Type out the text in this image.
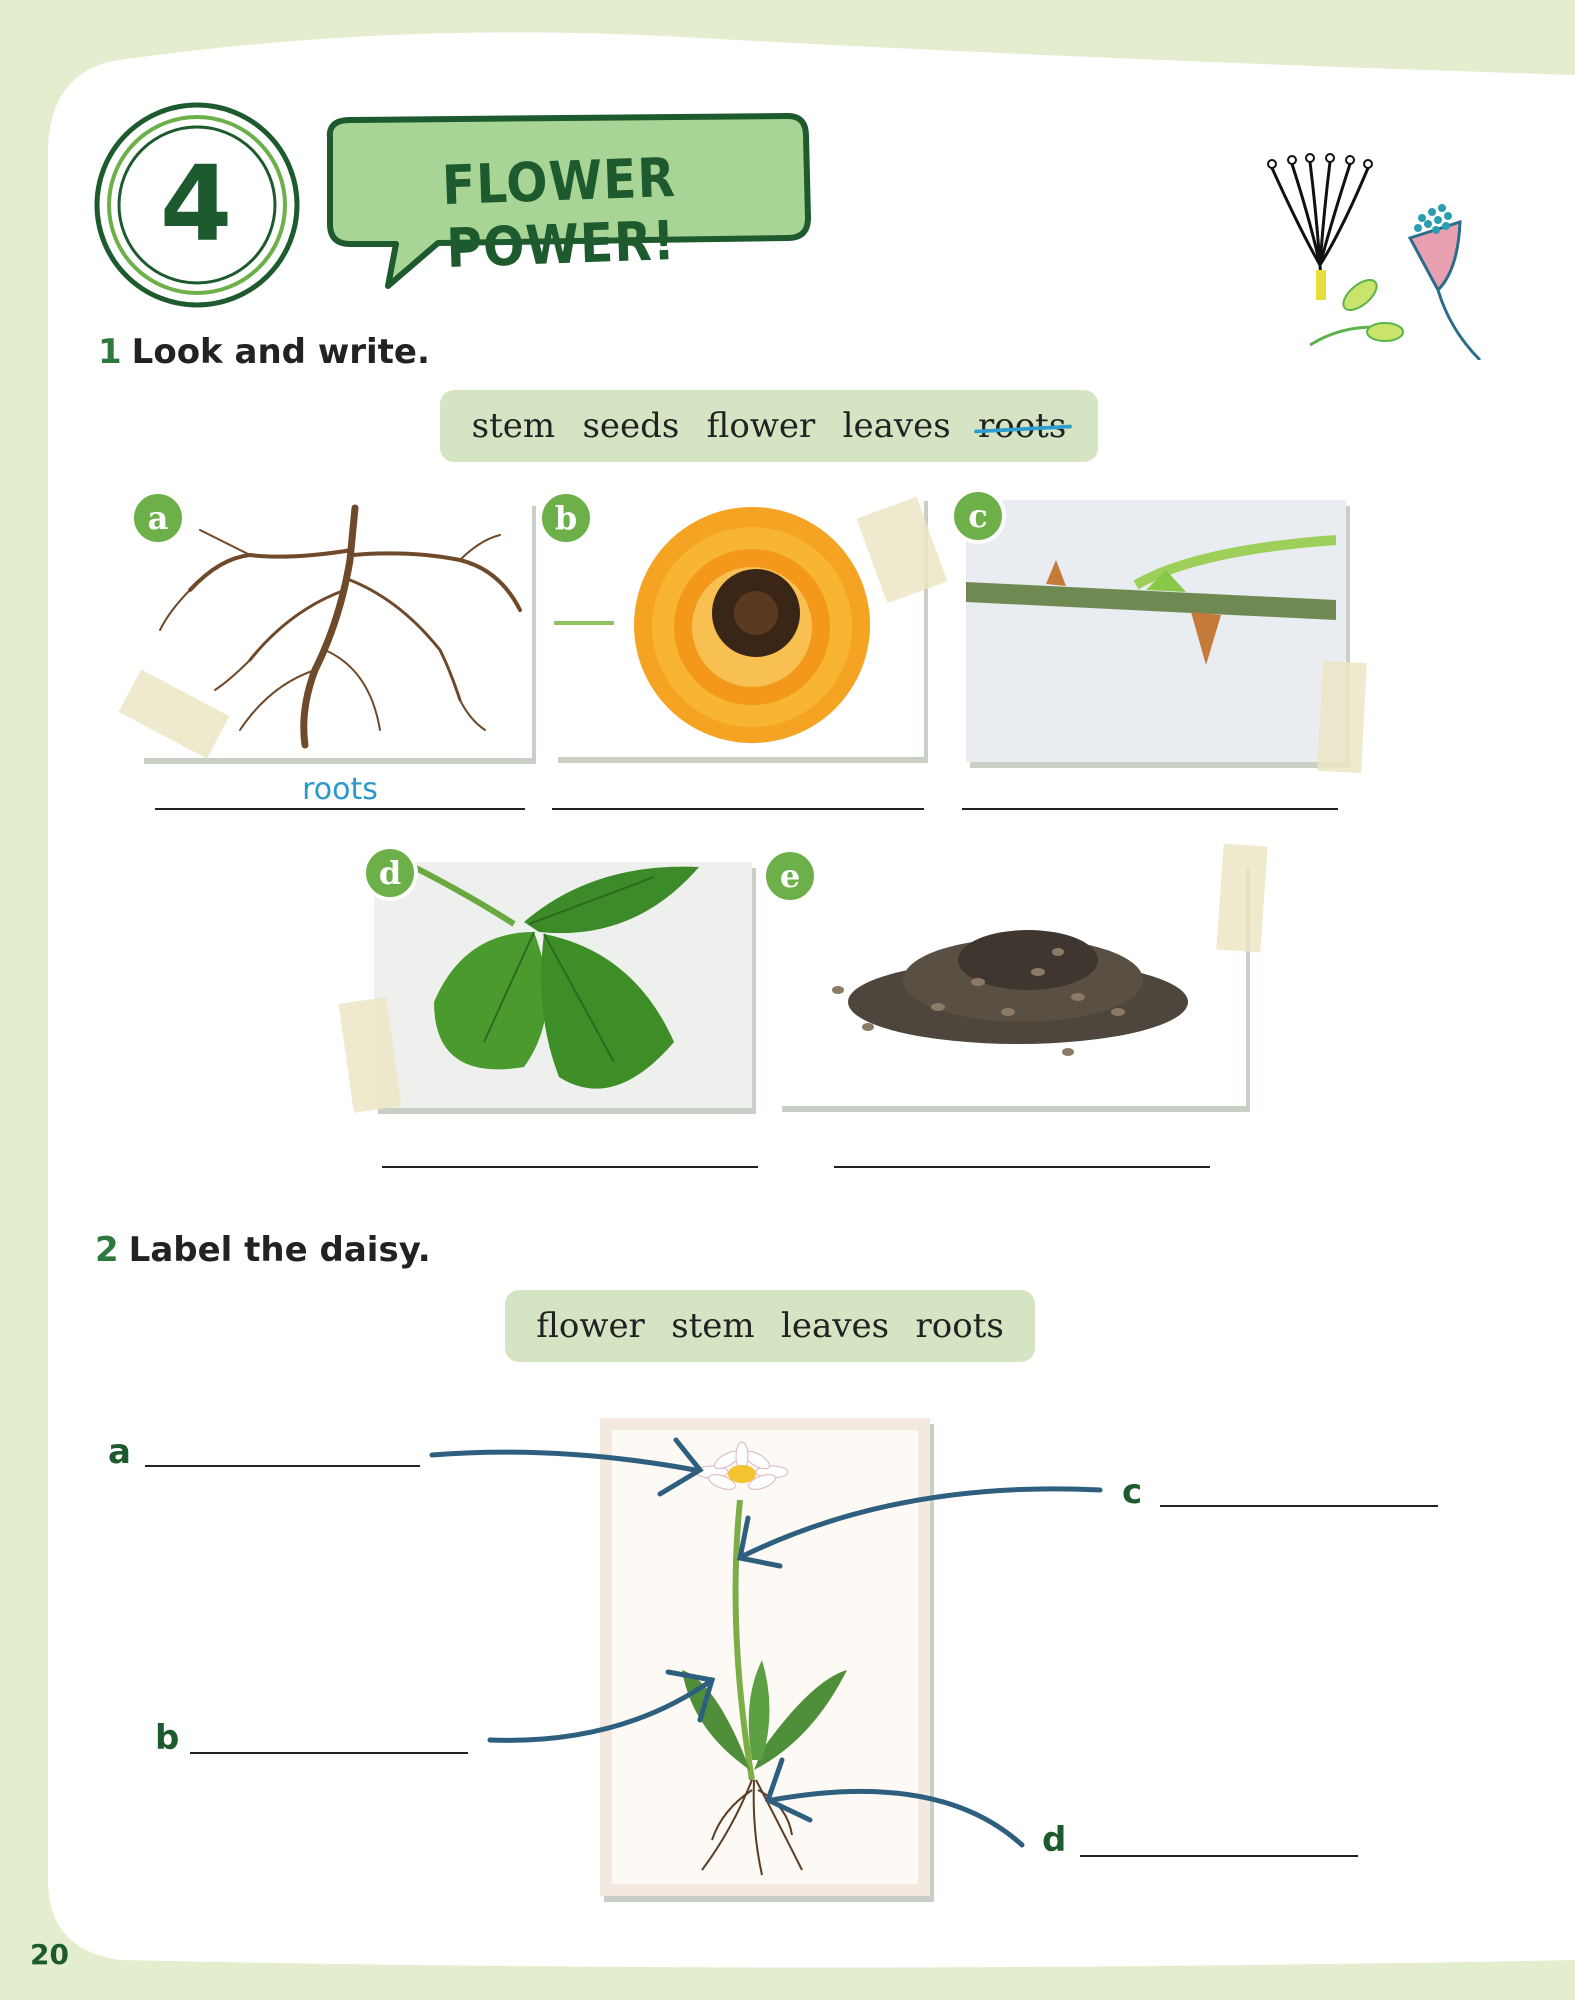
4	FLOWER POWER!
1 Look and write.
stem seeds flower leaves roots
a
roots
b	c
d	e
2 Label the daisy.
flower stem leaves roots
a
c
b
d
20
